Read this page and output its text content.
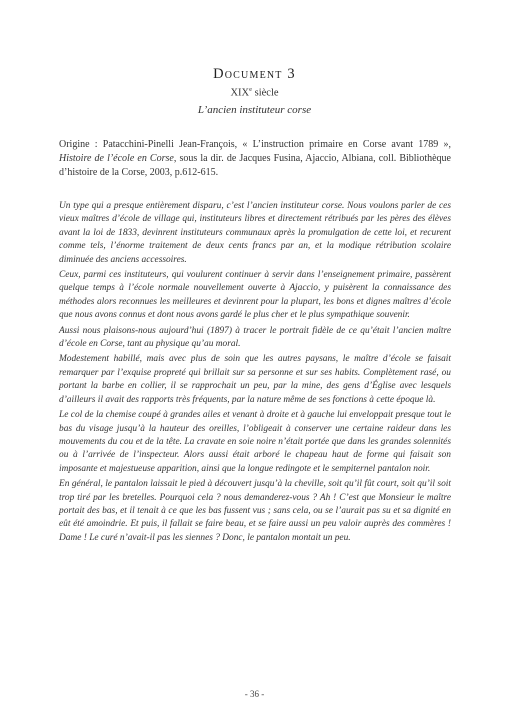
Document 3
XIXe siècle
L’ancien instituteur corse
Origine : Patacchini-Pinelli Jean-François, « L’instruction primaire en Corse avant 1789 », Histoire de l’école en Corse, sous la dir. de Jacques Fusina, Ajaccio, Albiana, coll. Bibliothèque d’histoire de la Corse, 2003, p.612-615.

Un type qui a presque entièrement disparu, c’est l’ancien instituteur corse. Nous voulons parler de ces vieux maîtres d’école de village qui, instituteurs libres et directement rétribués par les pères des élèves avant la loi de 1833, devinrent instituteurs communaux après la promulgation de cette loi, et recurent comme tels, l’énorme traitement de deux cents francs par an, et la modique rétribution scolaire diminuée des anciens accessoires.

Ceux, parmi ces instituteurs, qui voulurent continuer à servir dans l’enseignement primaire, passèrent quelque temps à l’école normale nouvellement ouverte à Ajaccio, y puisèrent la connaissance des méthodes alors reconnues les meilleures et devinrent pour la plupart, les bons et dignes maîtres d’école que nous avons connus et dont nous avons gardé le plus cher et le plus sympathique souvenir.

Aussi nous plaisons-nous aujourd’hui (1897) à tracer le portrait fidèle de ce qu’était l’ancien maître d’école en Corse, tant au physique qu’au moral.

Modestement habillé, mais avec plus de soin que les autres paysans, le maître d’école se faisait remarquer par l’exquise propreté qui brillait sur sa personne et sur ses habits. Complètement rasé, ou portant la barbe en collier, il se rapprochait un peu, par la mine, des gens d’Église avec lesquels d’ailleurs il avait des rapports très fréquents, par la nature même de ses fonctions à cette époque là.

Le col de la chemise coupé à grandes ailes et venant à droite et à gauche lui enveloppait presque tout le bas du visage jusqu’à la hauteur des oreilles, l’obligeait à conserver une certaine raideur dans les mouvements du cou et de la tête. La cravate en soie noire n’était portée que dans les grandes solennités ou à l’arrivée de l’inspecteur. Alors aussi était arboré le chapeau haut de forme qui faisait son imposante et majestueuse apparition, ainsi que la longue redingote et le sempiternel pantalon noir.

En général, le pantalon laissait le pied à découvert jusqu’à la cheville, soit qu’il fût court, soit qu’il soit trop tiré par les bretelles. Pourquoi cela ? nous demanderez-vous ? Ah ! C’est que Monsieur le maître portait des bas, et il tenait à ce que les bas fussent vus ; sans cela, ou se l’aurait pas su et sa dignité en eût été amoindrie. Et puis, il fallait se faire beau, et se faire aussi un peu valoir auprès des commères ! Dame ! Le curé n’avait-il pas les siennes ? Donc, le pantalon montait un peu.

- 36 -
